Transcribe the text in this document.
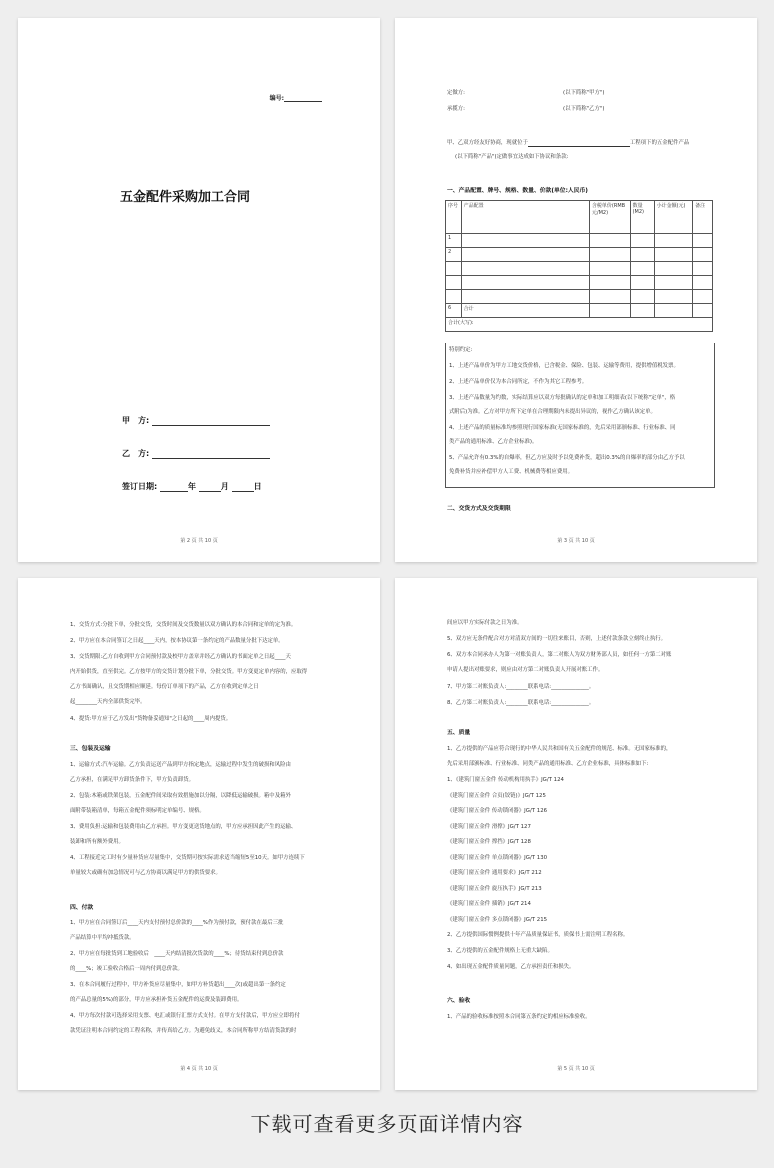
编号:
五金配件采购加工合同
甲　方:
乙　方:
签订日期:	年	月	日
第 2 页 共 10 页
定做方:	(以下简称"甲方")
承揽方:	(以下简称"乙方")
甲、乙双方经友好协商，现就位于	工程项下的五金配件产品
(以下简称"产品")定做事宜达成如下协议和条款:
一、产品配置、牌号、规格、数量、价款(单位:人民币)
序号	产品配置	含税单价(RMB元/M2)	数量(M2)	小计金额(元)	备注
1					
2					

6	合计				
合计(大写):					
特别约定:
1、上述产品单价为甲方工地交货价格，已含税金、保险、包装、运输等费用，提供增值税发票。
2、上述产品单价仅为本合同所定，不作为其它工程参考。
3、上述产品数量为约数，实际结算应以双方每批确认的定单和加工明细表(以下统称"定单"，格
式附后)为准。乙方对甲方所下定单在合理期限内未提出异议的，视作乙方确认该定单。
4、上述产品的质量标准均参照现行国家标准(无国家标准的，先后采用部颁标准、行业标准、同
类产品的通用标准、乙方企业标准)。
5、产品允许有0.3%的自爆率，但乙方应及时予以免费补货，超出0.3%的自爆率的部分由乙方予以
免费补货并应补偿甲方人工费、机械费等相应费用。
二、交货方式及交货期限
第 3 页 共 10 页
1、交货方式:分批下单，分批交货，交货时间及交货数量以双方确认的本合同和定单的定为准。
2、甲方应在本合同签订之日起____天内，按本协议第一条约定的产品数量分批下达定单。
3、交货期限:乙方自收到甲方合同预付款及校甲方盖章并经乙方确认的书面定单之日起____天
内开始供货，直至供完。乙方按甲方的交货计划分批下单，分批交货。甲方变更定单内容的，应取得
乙方书面确认，且交货期相应顺延。每份订单项下的产品，乙方在收到定单之日
起________天内全部供货完毕。
4、提货:甲方应于乙方发出"货物备妥通知"之日起的____周内提货。
三、包装及运输
1、运输方式:汽车运输。乙方负责运送产品到甲方指定地点，运输过程中发生的破损和风险由
乙方承担，在满足甲方卸货条件下，甲方负责卸货。
2、包装:木箱或铁架包装，五金配件间采取有效措施加以分隔，以降低运输破损。箱中及箱外
面附带装箱清单，每箱五金配件须标明定单编号、规格。
3、费用负担:运输和包装费用由乙方承担。甲方变更送货地点的，甲方应承担因此产生的运输、
装卸和所有额外费用。
4、工程接近完工时有少量补货应尽量集中，交货期可按实际需求适当缩短5至10天。如甲方连续下
单量较大或确有加急情况可与乙方协商以满足甲方的供货要求。
四、付款
1、甲方应在合同签订后____天内支付预付总价款的____%作为预付款，预付款在最后三批
产品结算中平均冲抵货款。
2、甲方应在每批货到工地验收后　____天内结清批次货款的____%；待货结束付到总价款
的____%；竣工验收合格后一周内付到总价款。
3、在本合同履行过程中，甲方补货应尽量集中，如甲方补货超出____次(或超出第一条约定
的产品总量的5%)的部分，甲方应承担补货五金配件的运费及装卸费用。
4、甲方每次付款可选择采用支票、电汇或银行汇票方式支付。在甲方支付款后，甲方应立即将付
款凭证注明本合同约定的工程名称，并传真给乙方。为避免歧义，本合同所称甲方结清货款的时
第 4 页 共 10 页
间应以甲方实际付款之日为准。
5、双方应无条件配合对方对清双方间的一切往来账目，否则，上述付款条款立刻终止执行。
6、双方本合同承办人为第一对账负责人，第二对账人为双方财务部人员，如任何一方第二对账
申请人提出对账要求，则应由对方第二对账负责人开展对账工作。
7、甲方第二对账负责人:________联系电话:______________。
8、乙方第二对账负责人:________联系电话:______________。
五、质量
1、乙方提供的产品应符合现行的中华人民共和国有关五金配件的规范、标准。无国家标准的，
先后采用部颁标准、行业标准、同类产品的通用标准、乙方企业标准，具体标准如下:
1、《建筑门窗五金件 传动机构用执手》JG/T 124
《建筑门窗五金件 合页(铰链)》JG/T 125
《建筑门窗五金件 传动锁闭器》JG/T 126
《建筑门窗五金件 滑撑》JG/T 127
《建筑门窗五金件 撑挡》JG/T 128
《建筑门窗五金件 单点锁闭器》JG/T 130
《建筑门窗五金件 通用要求》JG/T 212
《建筑门窗五金件 旋压执手》JG/T 213
《建筑门窗五金件 插销》JG/T 214
《建筑门窗五金件 多点锁闭器》JG/T 215
2、乙方提供国际惯例提供十年产品质量保证书，质保书上需注明工程名称。
3、乙方提供的五金配件规格上无重大缺陷。
4、如出现五金配件质量问题，乙方承担责任和损失。
六、验收
1、产品的验收标准按照本合同第五条约定的相应标准验收。
第 5 页 共 10 页
下载可查看更多页面详情内容
